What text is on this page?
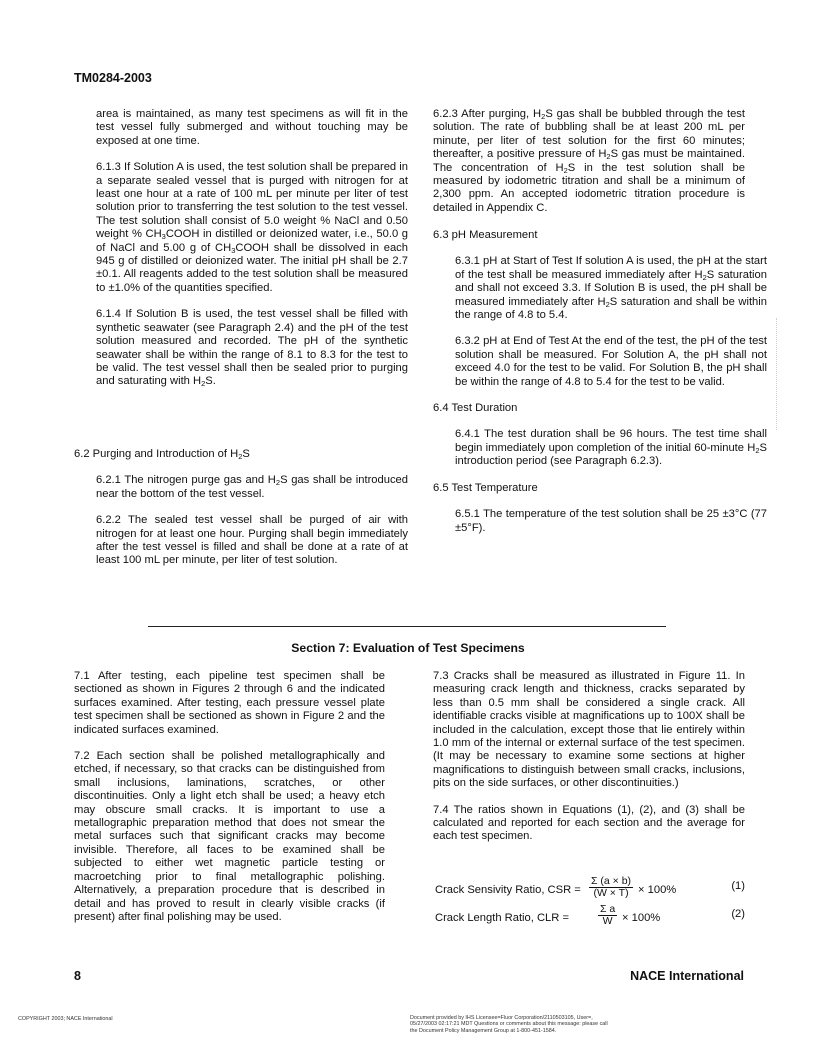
TM0284-2003

area is maintained, as many test specimens as will fit in the test vessel fully submerged and without touching may be exposed at one time.

6.1.3 If Solution A is used, the test solution shall be prepared in a separate sealed vessel that is purged with nitrogen for at least one hour at a rate of 100 mL per minute per liter of test solution prior to transferring the test solution to the test vessel. The test solution shall consist of 5.0 weight % NaCl and 0.50 weight % $CH_3COOH$ in distilled or deionized water, i.e., 50.0 g of NaCl and 5.00 g of $CH_3COOH$ shall be dissolved in each 945 g of distilled or deionized water. The initial pH shall be 2.7 ±0.1. All reagents added to the test solution shall be measured to ±1.0% of the quantities specified.

6.1.4 If Solution B is used, the test vessel shall be filled with synthetic seawater (see Paragraph 2.4) and the pH of the test solution measured and recorded. The pH of the synthetic seawater shall be within the range of 8.1 to 8.3 for the test to be valid. The test vessel shall then be sealed prior to purging and saturating with $H_2S$.

6.2 Purging and Introduction of $H_2S$

6.2.1 The nitrogen purge gas and $H_2S$ gas shall be introduced near the bottom of the test vessel.

6.2.2 The sealed test vessel shall be purged of air with nitrogen for at least one hour. Purging shall begin immediately after the test vessel is filled and shall be done at a rate of at least 100 mL per minute, per liter of test solution.

6.2.3 After purging, $H_2S$ gas shall be bubbled through the test solution. The rate of bubbling shall be at least 200 mL per minute, per liter of test solution for the first 60 minutes; thereafter, a positive pressure of $H_2S$ gas must be maintained. The concentration of $H_2S$ in the test solution shall be measured by iodometric titration and shall be a minimum of 2,300 ppm. An accepted iodometric titration procedure is detailed in Appendix C.

6.3 pH Measurement

6.3.1 pH at Start of Test If solution A is used, the pH at the start of the test shall be measured immediately after $H_2S$ saturation and shall not exceed 3.3. If Solution B is used, the pH shall be measured immediately after $H_2S$ saturation and shall be within the range of 4.8 to 5.4.

6.3.2 pH at End of Test At the end of the test, the pH of the test solution shall be measured. For Solution A, the pH shall not exceed 4.0 for the test to be valid. For Solution B, the pH shall be within the range of 4.8 to 5.4 for the test to be valid.

6.4 Test Duration

6.4.1 The test duration shall be 96 hours. The test time shall begin immediately upon completion of the initial 60-minute $H_2S$ introduction period (see Paragraph 6.2.3).

6.5 Test Temperature

6.5.1 The temperature of the test solution shall be 25 ±3°C (77 ±5°F).

Section 7: Evaluation of Test Specimens

7.1 After testing, each pipeline test specimen shall be sectioned as shown in Figures 2 through 6 and the indicated surfaces examined. After testing, each pressure vessel plate test specimen shall be sectioned as shown in Figure 2 and the indicated surfaces examined.

7.2 Each section shall be polished metallographically and etched, if necessary, so that cracks can be distinguished from small inclusions, laminations, scratches, or other discontinuities. Only a light etch shall be used; a heavy etch may obscure small cracks. It is important to use a metallographic preparation method that does not smear the metal surfaces such that significant cracks may become invisible. Therefore, all faces to be examined shall be subjected to either wet magnetic particle testing or macroetching prior to final metallographic polishing. Alternatively, a preparation procedure that is described in detail and has proved to result in clearly visible cracks (if present) after final polishing may be used.

7.3 Cracks shall be measured as illustrated in Figure 11. In measuring crack length and thickness, cracks separated by less than 0.5 mm shall be considered a single crack. All identifiable cracks visible at magnifications up to 100X shall be included in the calculation, except those that lie entirely within 1.0 mm of the internal or external surface of the test specimen. (It may be necessary to examine some sections at higher magnifications to distinguish between small cracks, inclusions, pits on the side surfaces, or other discontinuities.)

7.4 The ratios shown in Equations (1), (2), and (3) shall be calculated and reported for each section and the average for each test specimen.

Crack Sensivity Ratio, CSR = $\frac{\Sigma (a \times b)}{(W \times T)} \times 100\%$	(1)
Crack Length Ratio, CLR =	$\frac{\text{Σ a}}{W} \times 100\%$	(2)
8	NACE International
COPYRIGHT 2003; NACE International	Document provided by IHS Licensee=Fluor Corporation/2110503105, User=,
05/27/2003 02:17:21 MDT Questions or comments about this message: please call
the Document Policy Management Group at 1-800-451-1584.
